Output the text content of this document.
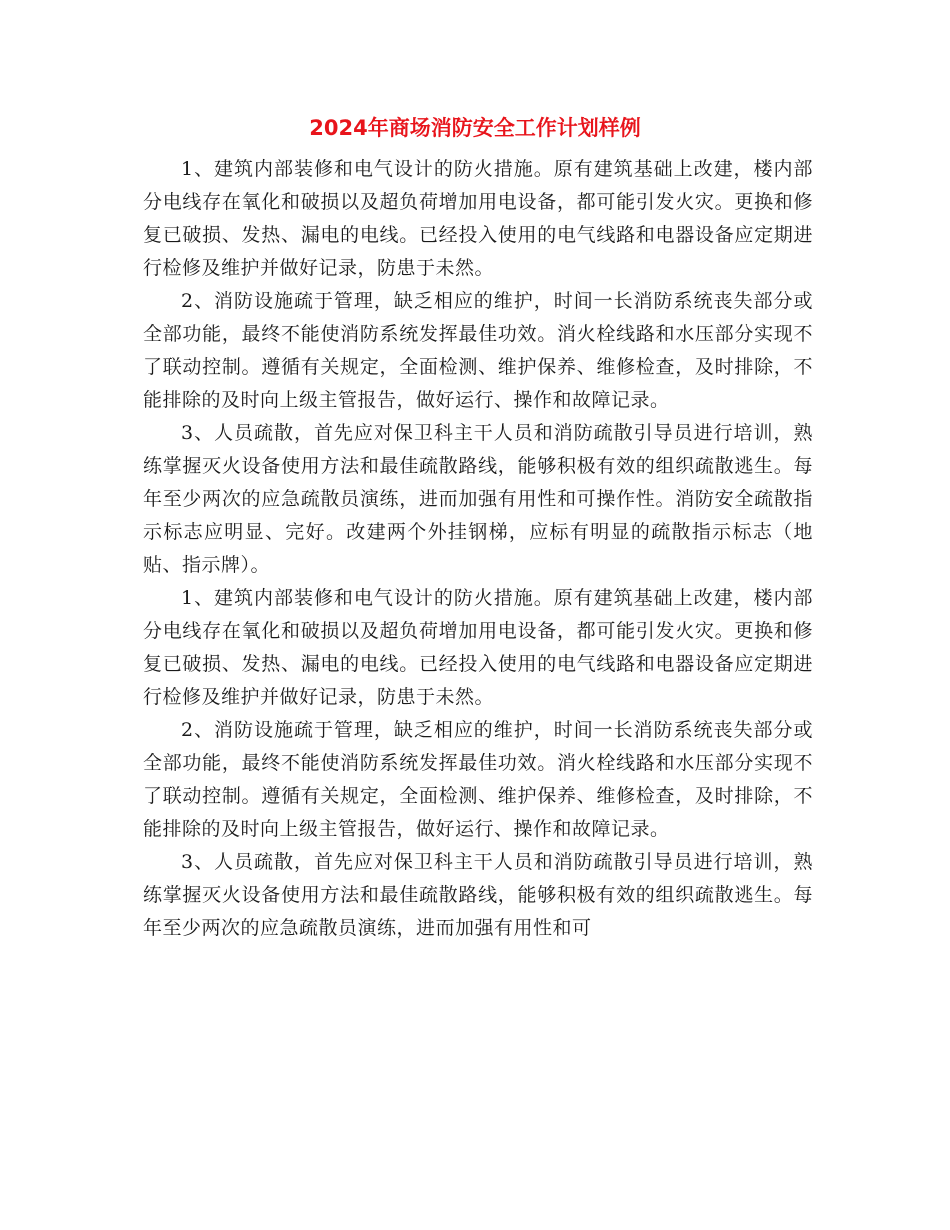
2024年商场消防安全工作计划样例

1、建筑内部装修和电气设计的防火措施。原有建筑基础上改建，楼内部分电线存在氧化和破损以及超负荷增加用电设备，都可能引发火灾。更换和修复已破损、发热、漏电的电线。已经投入使用的电气线路和电器设备应定期进行检修及维护并做好记录，防患于未然。

2、消防设施疏于管理，缺乏相应的维护，时间一长消防系统丧失部分或全部功能，最终不能使消防系统发挥最佳功效。消火栓线路和水压部分实现不了联动控制。遵循有关规定，全面检测、维护保养、维修检查，及时排除，不能排除的及时向上级主管报告，做好运行、操作和故障记录。

3、人员疏散，首先应对保卫科主干人员和消防疏散引导员进行培训，熟练掌握灭火设备使用方法和最佳疏散路线，能够积极有效的组织疏散逃生。每年至少两次的应急疏散员演练，进而加强有用性和可操作性。消防安全疏散指示标志应明显、完好。改建两个外挂钢梯，应标有明显的疏散指示标志（地贴、指示牌）。

1、建筑内部装修和电气设计的防火措施。原有建筑基础上改建，楼内部分电线存在氧化和破损以及超负荷增加用电设备，都可能引发火灾。更换和修复已破损、发热、漏电的电线。已经投入使用的电气线路和电器设备应定期进行检修及维护并做好记录，防患于未然。

2、消防设施疏于管理，缺乏相应的维护，时间一长消防系统丧失部分或全部功能，最终不能使消防系统发挥最佳功效。消火栓线路和水压部分实现不了联动控制。遵循有关规定，全面检测、维护保养、维修检查，及时排除，不能排除的及时向上级主管报告，做好运行、操作和故障记录。

3、人员疏散，首先应对保卫科主干人员和消防疏散引导员进行培训，熟练掌握灭火设备使用方法和最佳疏散路线，能够积极有效的组织疏散逃生。每年至少两次的应急疏散员演练，进而加强有用性和可
